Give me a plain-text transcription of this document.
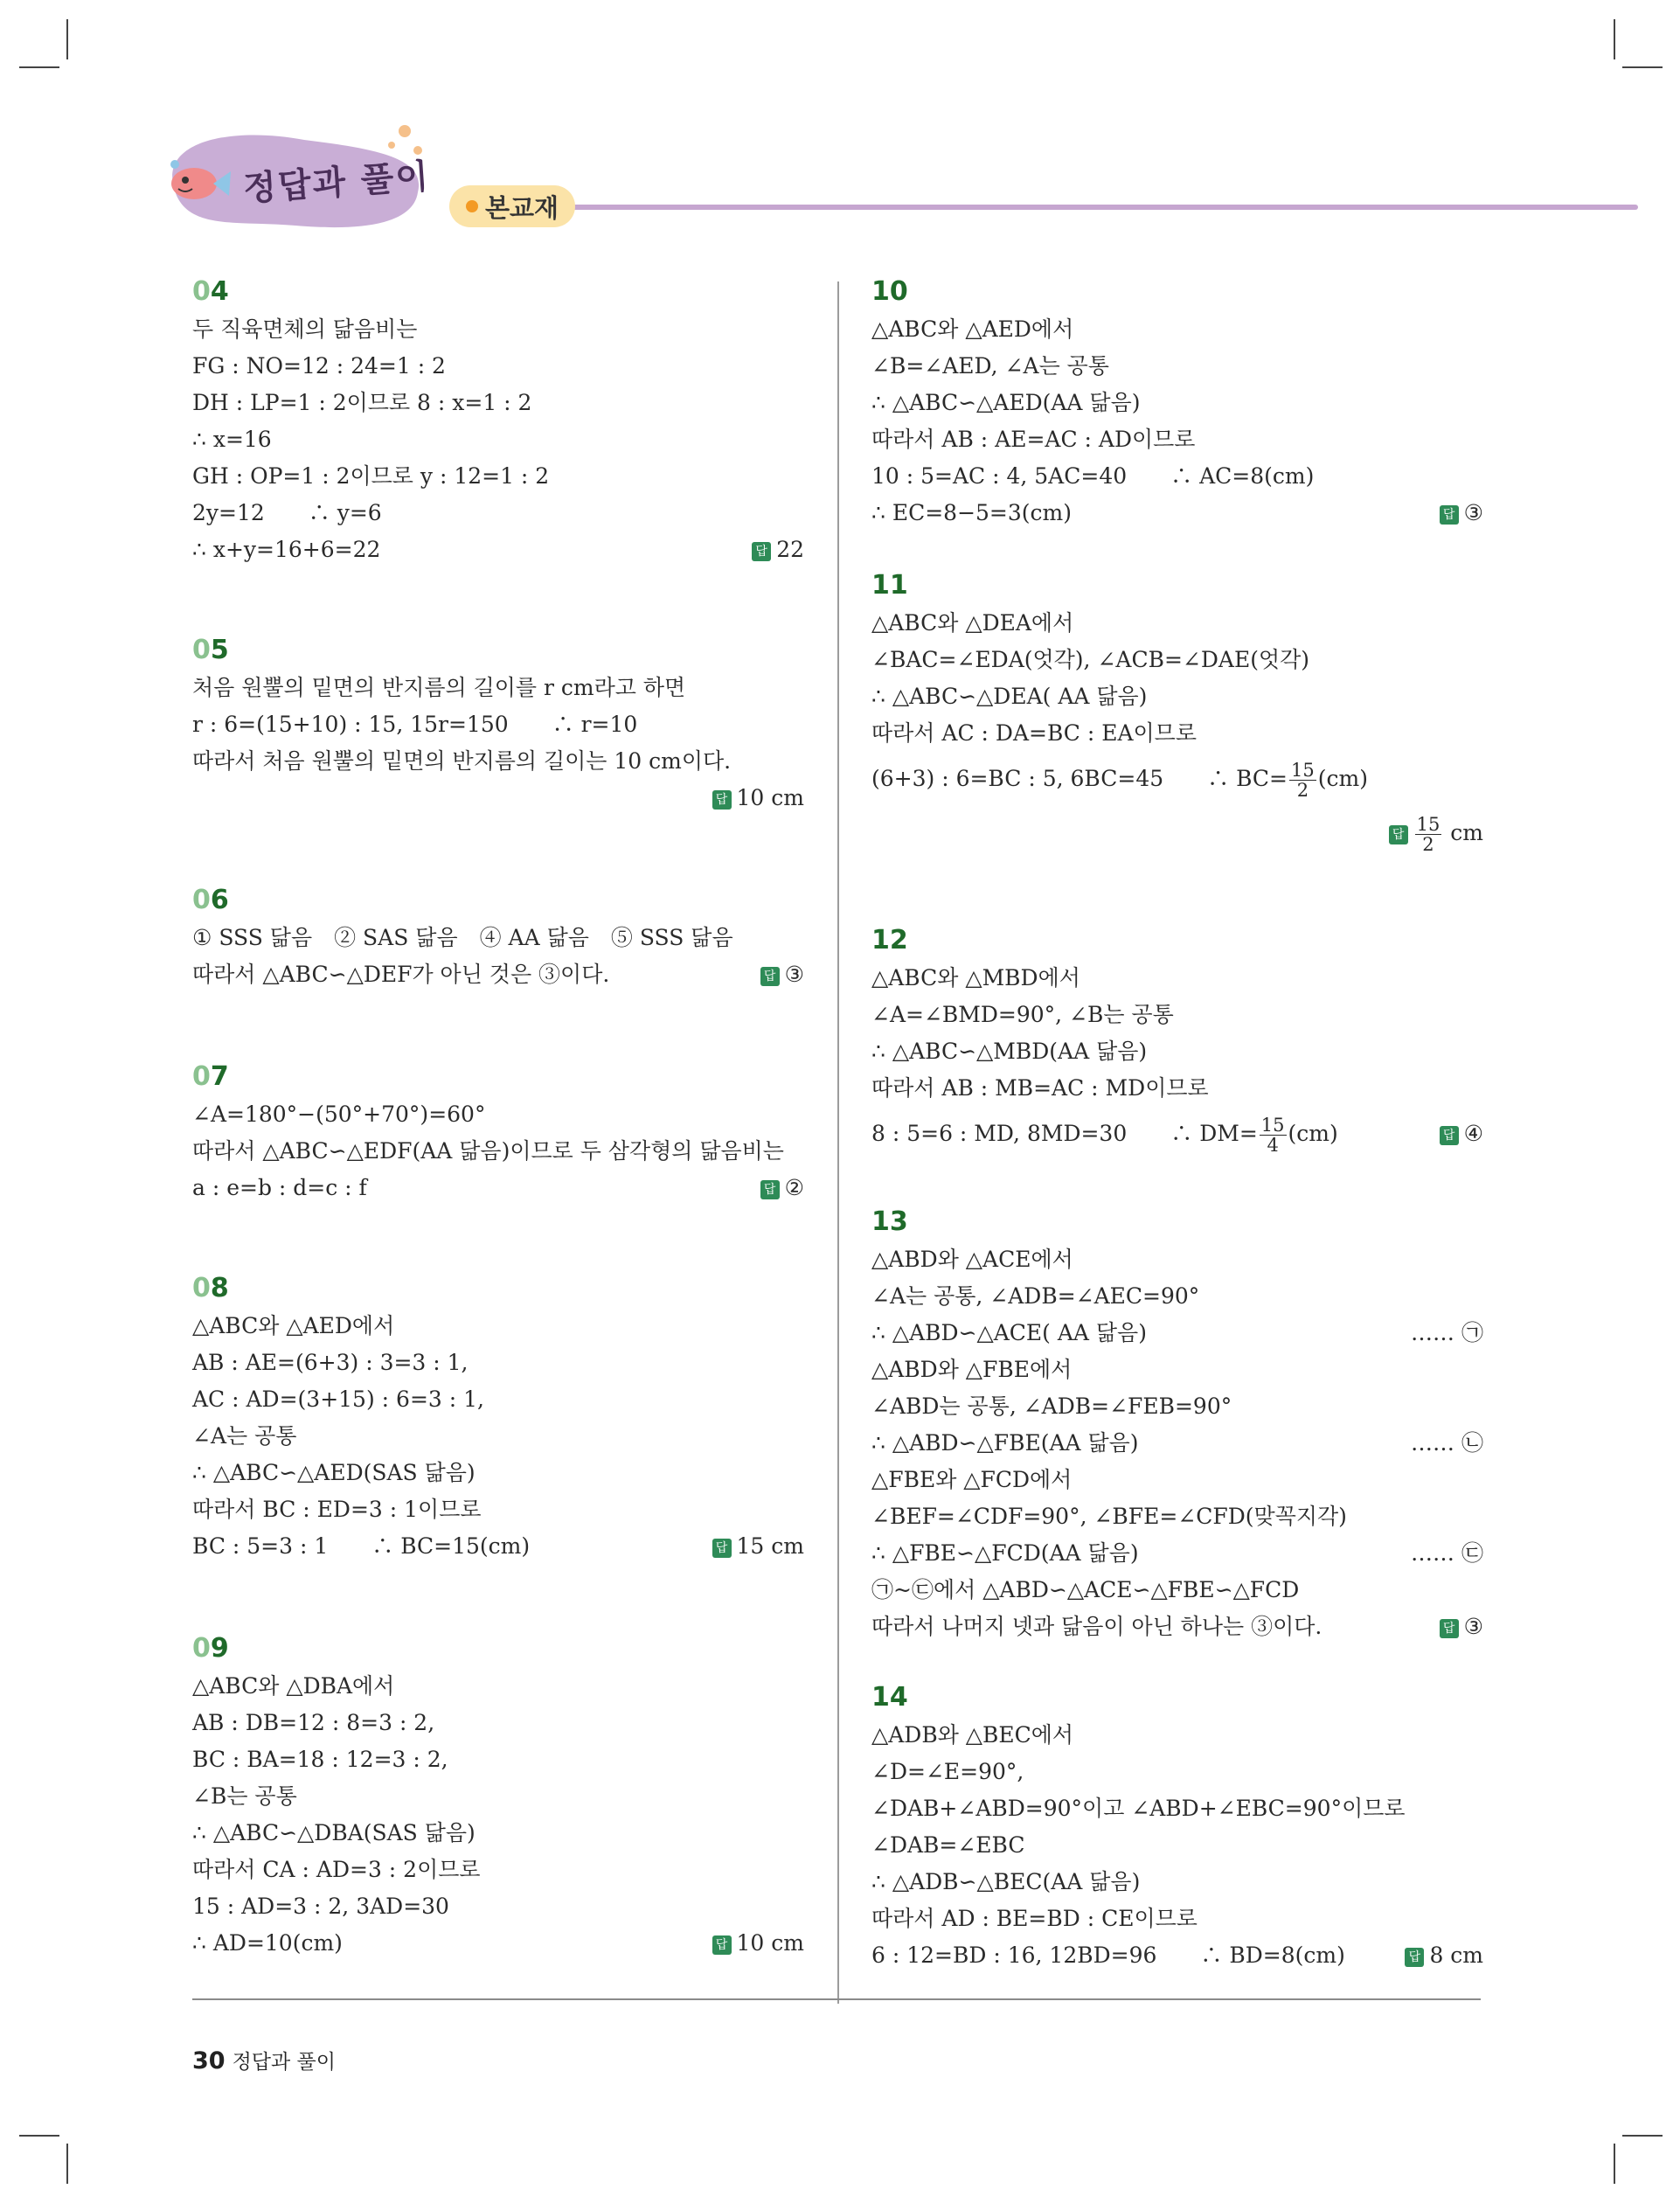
정답과 풀이 본교재
04
두 직육면체의 닮음비는
FG : NO=12 : 24=1 : 2
DH : LP=1 : 2이므로 8 : x=1 : 2
∴ x=16
GH : OP=1 : 2이므로 y : 12=1 : 2
2y=12　　∴ y=6
∴ x+y=16+6=22	답 22
05
처음 원뿔의 밑면의 반지름의 길이를 r cm라고 하면
r : 6=(15+10) : 15, 15r=150　　∴ r=10
따라서 처음 원뿔의 밑면의 반지름의 길이는 10 cm이다.
답 10 cm
06
① SSS 닮음　② SAS 닮음　④ AA 닮음　⑤ SSS 닮음
따라서 △ABC∽△DEF가 아닌 것은 ③이다.	답 ③
07
∠A=180°−(50°+70°)=60°
따라서 △ABC∽△EDF(AA 닮음)이므로 두 삼각형의 닮음비는
a : e=b : d=c : f	답 ②
08
△ABC와 △AED에서
AB : AE=(6+3) : 3=3 : 1,
AC : AD=(3+15) : 6=3 : 1,
∠A는 공통
∴ △ABC∽△AED(SAS 닮음)
따라서 BC : ED=3 : 1이므로
BC : 5=3 : 1　　∴ BC=15(cm)	답 15 cm
09
△ABC와 △DBA에서
AB : DB=12 : 8=3 : 2,
BC : BA=18 : 12=3 : 2,
∠B는 공통
∴ △ABC∽△DBA(SAS 닮음)
따라서 CA : AD=3 : 2이므로
15 : AD=3 : 2, 3AD=30
∴ AD=10(cm)	답 10 cm
10
△ABC와 △AED에서
∠B=∠AED, ∠A는 공통
∴ △ABC∽△AED(AA 닮음)
따라서 AB : AE=AC : AD이므로
10 : 5=AC : 4, 5AC=40　　∴ AC=8(cm)
∴ EC=8−5=3(cm)	답 ③
11
△ABC와 △DEA에서
∠BAC=∠EDA(엇각), ∠ACB=∠DAE(엇각)
∴ △ABC∽△DEA( AA 닮음)
따라서 AC : DA=BC : EA이므로
(6+3) : 6=BC : 5, 6BC=45　　∴ $BC= \frac{15}{2} (cm)$
답 $\frac{15}{2}$ cm
12
△ABC와 △MBD에서
∠A=∠BMD=90°, ∠B는 공통
∴ △ABC∽△MBD(AA 닮음)
따라서 AB : MB=AC : MD이므로
8 : 5=6 : MD, 8MD=30　　∴ $DM= \frac{15}{4} (cm)$	답 ④
13
△ABD와 △ACE에서
∠A는 공통, ∠ADB=∠AEC=90°
∴ △ABD∽△ACE( AA 닮음)	…… ㉠
△ABD와 △FBE에서
∠ABD는 공통, ∠ADB=∠FEB=90°
∴ △ABD∽△FBE(AA 닮음)	…… ㉡
△FBE와 △FCD에서
∠BEF=∠CDF=90°, ∠BFE=∠CFD(맞꼭지각)
∴ △FBE∽△FCD(AA 닮음)	…… ㉢
㉠~㉢에서 △ABD∽△ACE∽△FBE∽△FCD
따라서 나머지 넷과 닮음이 아닌 하나는 ③이다.	답 ③
14
△ADB와 △BEC에서
∠D=∠E=90°,
∠DAB+∠ABD=90°이고 ∠ABD+∠EBC=90°이므로
∠DAB=∠EBC
∴ △ADB∽△BEC(AA 닮음)
따라서 AD : BE=BD : CE이므로
6 : 12=BD : 16, 12BD=96　　∴ BD=8(cm)	답 8 cm
30 정답과 풀이
